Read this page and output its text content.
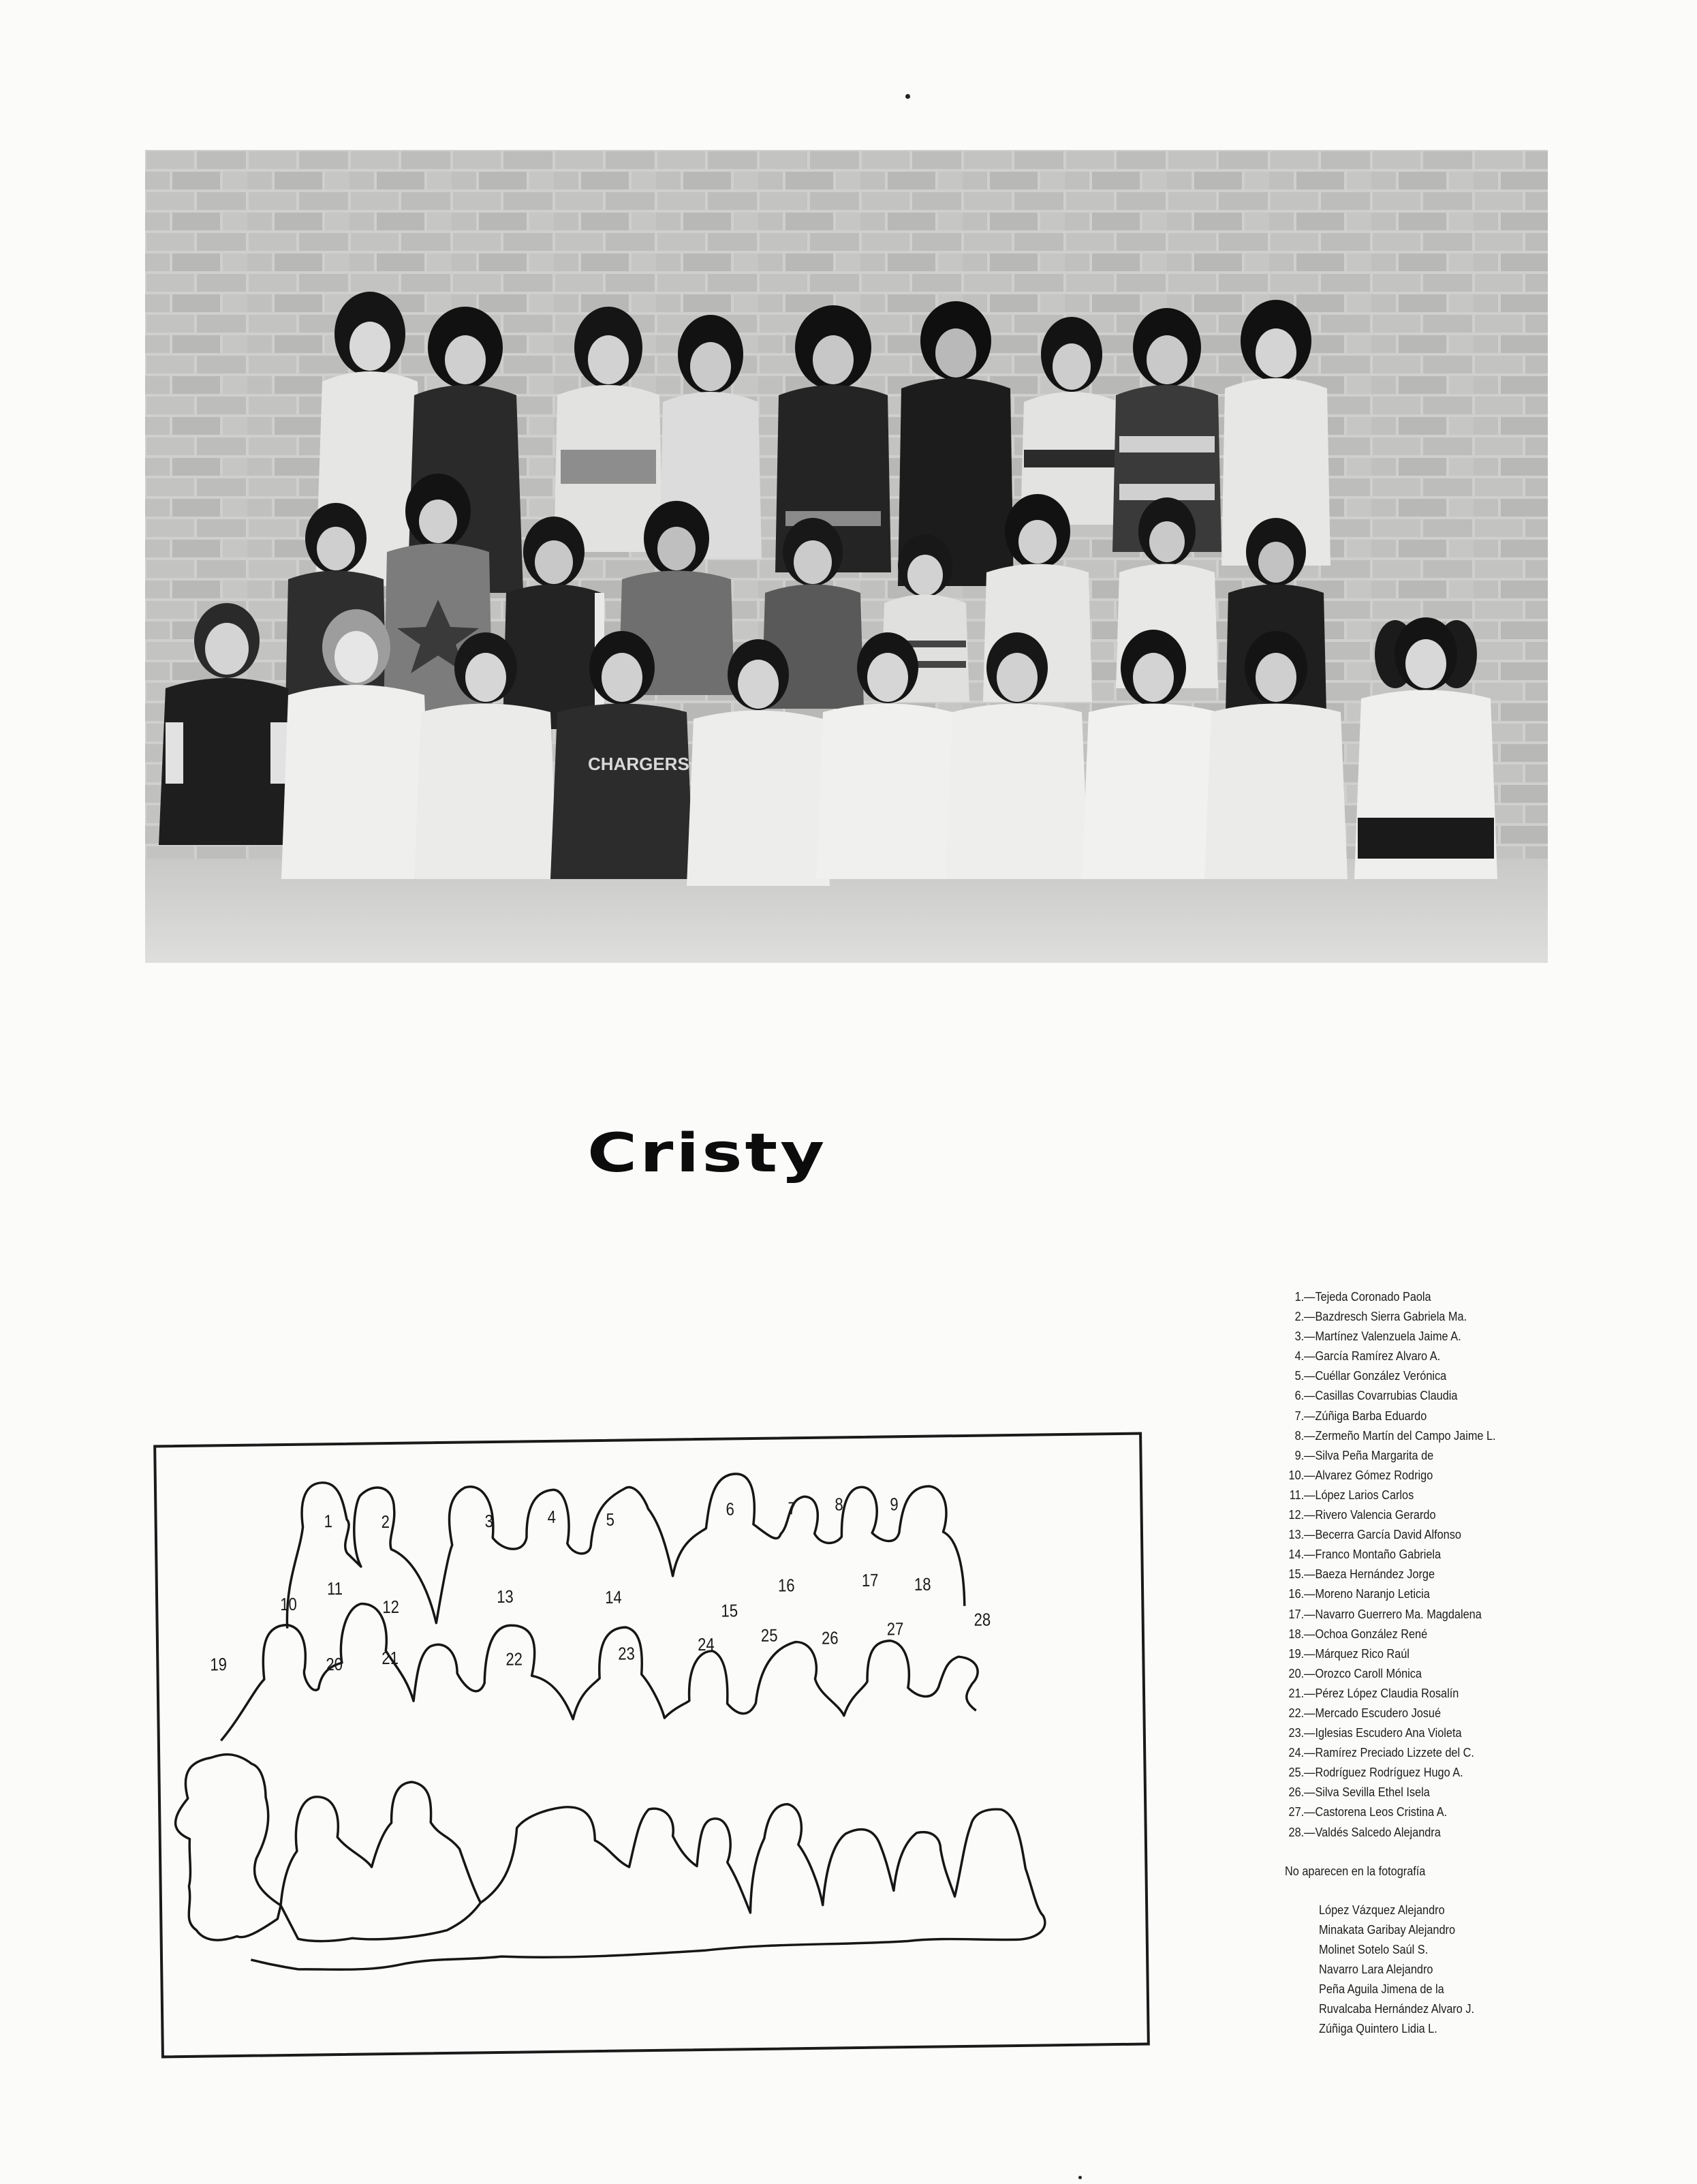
CHARGERS
Cristy
1	2	3	4	5
6	7 8	9
10
11
12	13	14
15
16	17 18
19	20 21	22	23	24	25 26	27	28
1.—Tejeda Coronado Paola
2.—Bazdresch Sierra Gabriela Ma.
3.—Martínez Valenzuela Jaime A.
4.—García Ramírez Alvaro A.
5.—Cuéllar González Verónica
6.—Casillas Covarrubias Claudia
7.—Zúñiga Barba Eduardo
8.—Zermeño Martín del Campo Jaime L.
9.—Silva Peña Margarita de
10.—Alvarez Gómez Rodrigo
11.—López Larios Carlos
12.—Rivero Valencia Gerardo
13.—Becerra García David Alfonso
14.—Franco Montaño Gabriela
15.—Baeza Hernández Jorge
16.—Moreno Naranjo Leticia
17.—Navarro Guerrero Ma. Magdalena
18.—Ochoa González René
19.—Márquez Rico Raúl
20.—Orozco Caroll Mónica
21.—Pérez López Claudia Rosalín
22.—Mercado Escudero Josué
23.—Iglesias Escudero Ana Violeta
24.—Ramírez Preciado Lizzete del C.
25.—Rodríguez Rodríguez Hugo A.
26.—Silva Sevilla Ethel Isela
27.—Castorena Leos Cristina A.
28.—Valdés Salcedo Alejandra
No aparecen en la fotografía
López Vázquez Alejandro
Minakata Garibay Alejandro
Molinet Sotelo Saúl S.
Navarro Lara Alejandro
Peña Aguila Jimena de la
Ruvalcaba Hernández Alvaro J.
Zúñiga Quintero Lidia L.
